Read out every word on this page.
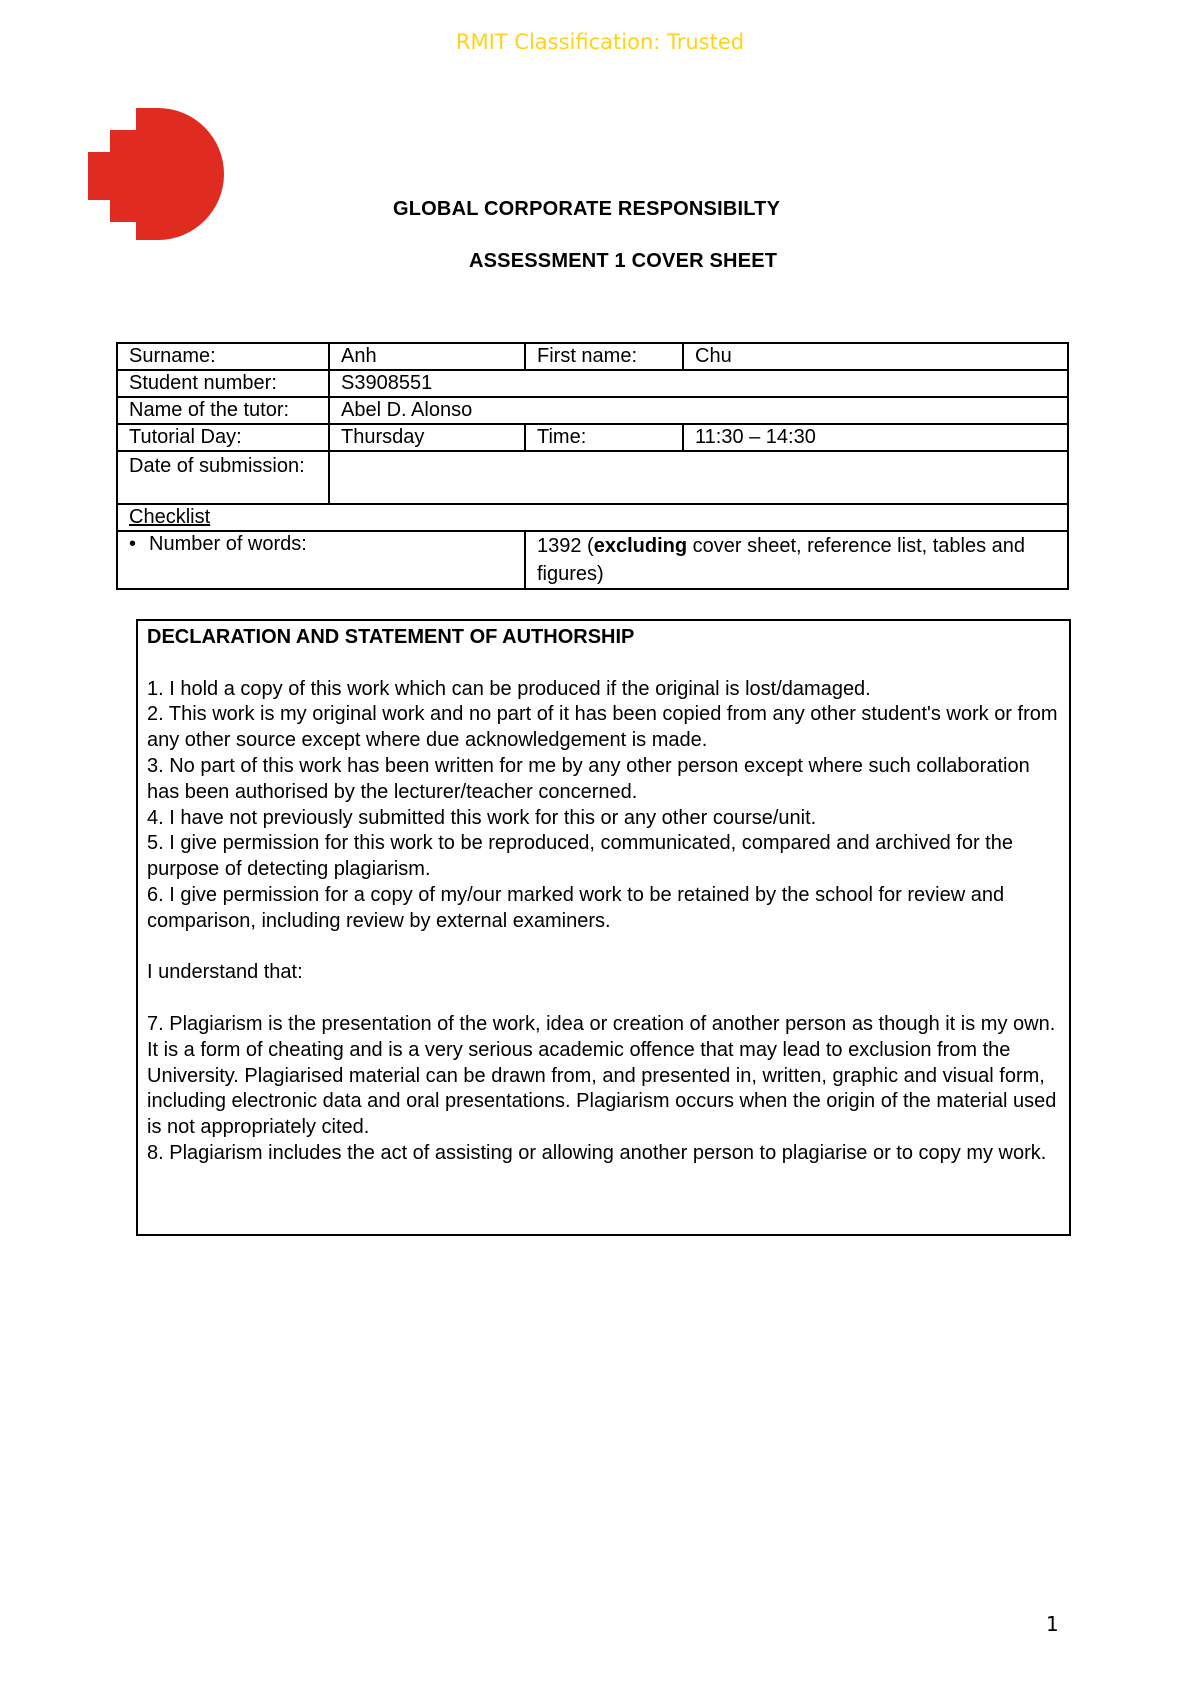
RMIT Classification: Trusted
GLOBAL CORPORATE RESPONSIBILTY
ASSESSMENT 1 COVER SHEET
Surname:	Anh	First name:	Chu
Student number:	S3908551		
Name of the tutor:	Abel D. Alonso		
Tutorial Day:	Thursday	Time:	11:30 – 14:30
Date of submission:			
Checklist			
• Number of words:		1392 (excluding cover sheet, reference list, tables and figures)	

DECLARATION AND STATEMENT OF AUTHORSHIP

1. I hold a copy of this work which can be produced if the original is lost/damaged.

2. This work is my original work and no part of it has been copied from any other student's work or from any other source except where due acknowledgement is made.

3. No part of this work has been written for me by any other person except where such collaboration has been authorised by the lecturer/teacher concerned.

4. I have not previously submitted this work for this or any other course/unit.

5. I give permission for this work to be reproduced, communicated, compared and archived for the purpose of detecting plagiarism.

6. I give permission for a copy of my/our marked work to be retained by the school for review and comparison, including review by external examiners.

I understand that:

7. Plagiarism is the presentation of the work, idea or creation of another person as though it is my own. It is a form of cheating and is a very serious academic offence that may lead to exclusion from the University. Plagiarised material can be drawn from, and presented in, written, graphic and visual form, including electronic data and oral presentations. Plagiarism occurs when the origin of the material used is not appropriately cited.

8. Plagiarism includes the act of assisting or allowing another person to plagiarise or to copy my work.

1
